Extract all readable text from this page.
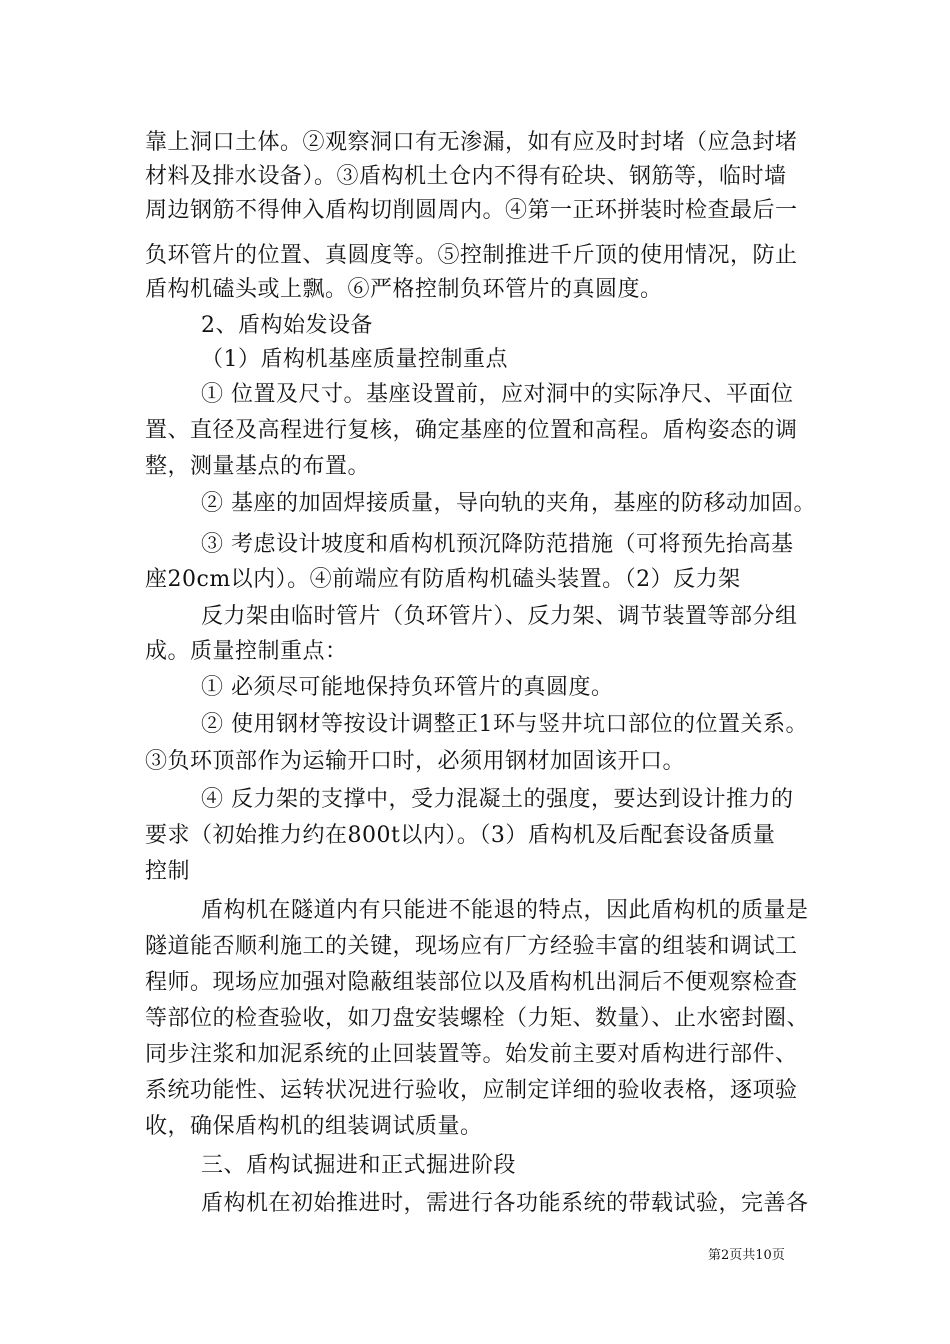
靠上洞口土体。②观察洞口有无渗漏，如有应及时封堵（应急封堵
材料及排水设备）。③盾构机土仓内不得有砼块、钢筋等，临时墙
周边钢筋不得伸入盾构切削圆周内。④第一正环拼装时检查最后一
负环管片的位置、真圆度等。⑤控制推进千斤顶的使用情况，防止
盾构机磕头或上飘。⑥严格控制负环管片的真圆度。
2、盾构始发设备
（1）盾构机基座质量控制重点
① 位置及尺寸。基座设置前，应对洞中的实际净尺、平面位
置、直径及高程进行复核，确定基座的位置和高程。盾构姿态的调
整，测量基点的布置。
② 基座的加固焊接质量，导向轨的夹角，基座的防移动加固。
③ 考虑设计坡度和盾构机预沉降防范措施（可将预先抬高基
座20cm以内）。④前端应有防盾构机磕头装置。（2）反力架
反力架由临时管片（负环管片）、反力架、调节装置等部分组
成。质量控制重点：
① 必须尽可能地保持负环管片的真圆度。
② 使用钢材等按设计调整正1环与竖井坑口部位的位置关系。
③负环顶部作为运输开口时，必须用钢材加固该开口。
④ 反力架的支撑中，受力混凝土的强度，要达到设计推力的
要求（初始推力约在800t以内）。（3）盾构机及后配套设备质量
控制
盾构机在隧道内有只能进不能退的特点，因此盾构机的质量是
隧道能否顺利施工的关键，现场应有厂方经验丰富的组装和调试工
程师。现场应加强对隐蔽组装部位以及盾构机出洞后不便观察检查
等部位的检查验收，如刀盘安装螺栓（力矩、数量）、止水密封圈、
同步注浆和加泥系统的止回装置等。始发前主要对盾构进行部件、
系统功能性、运转状况进行验收，应制定详细的验收表格，逐项验
收，确保盾构机的组装调试质量。
三、盾构试掘进和正式掘进阶段
盾构机在初始推进时，需进行各功能系统的带载试验，完善各
第2页共10页
